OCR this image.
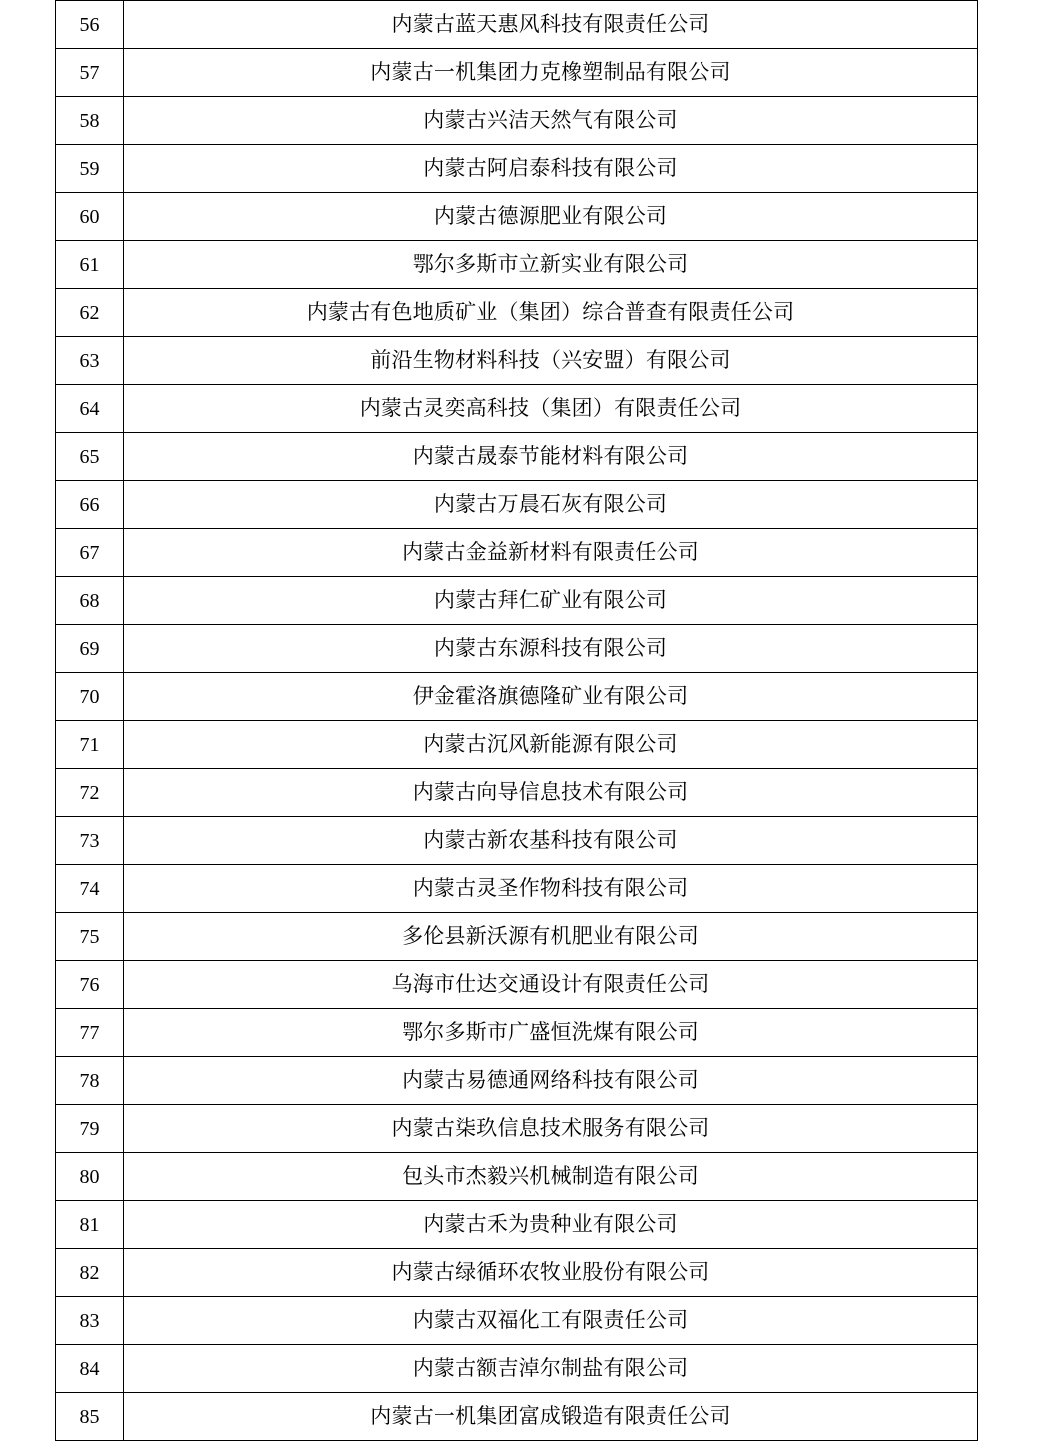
56	内蒙古蓝天惠风科技有限责任公司
57	内蒙古一机集团力克橡塑制品有限公司
58	内蒙古兴洁天然气有限公司
59	内蒙古阿启泰科技有限公司
60	内蒙古德源肥业有限公司
61	鄂尔多斯市立新实业有限公司
62	内蒙古有色地质矿业（集团）综合普查有限责任公司
63	前沿生物材料科技（兴安盟）有限公司
64	内蒙古灵奕高科技（集团）有限责任公司
65	内蒙古晟泰节能材料有限公司
66	内蒙古万晨石灰有限公司
67	内蒙古金益新材料有限责任公司
68	内蒙古拜仁矿业有限公司
69	内蒙古东源科技有限公司
70	伊金霍洛旗德隆矿业有限公司
71	内蒙古沉风新能源有限公司
72	内蒙古向导信息技术有限公司
73	内蒙古新农基科技有限公司
74	内蒙古灵圣作物科技有限公司
75	多伦县新沃源有机肥业有限公司
76	乌海市仕达交通设计有限责任公司
77	鄂尔多斯市广盛恒洗煤有限公司
78	内蒙古易德通网络科技有限公司
79	内蒙古柒玖信息技术服务有限公司
80	包头市杰毅兴机械制造有限公司
81	内蒙古禾为贵种业有限公司
82	内蒙古绿循环农牧业股份有限公司
83	内蒙古双福化工有限责任公司
84	内蒙古额吉淖尔制盐有限公司
85	内蒙古一机集团富成锻造有限责任公司
